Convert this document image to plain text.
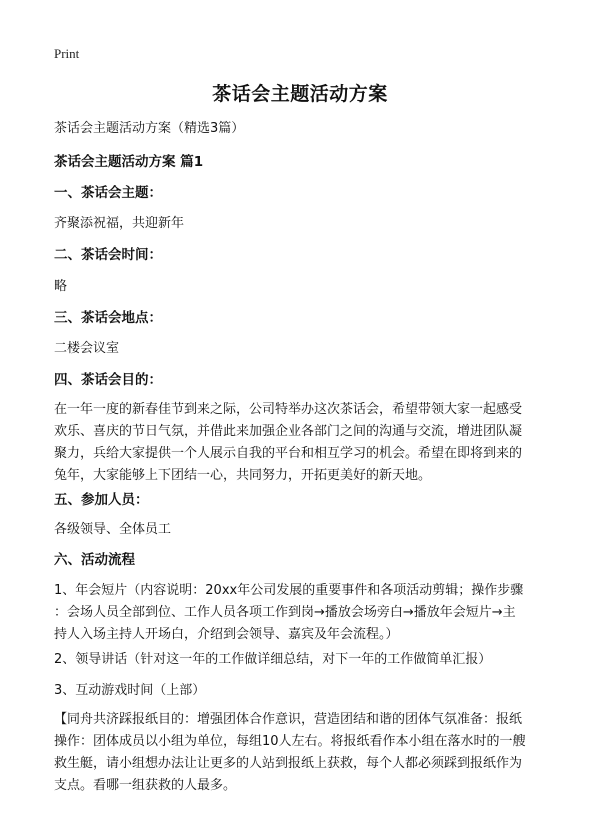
Print
茶话会主题活动方案
茶话会主题活动方案（精选3篇）
茶话会主题活动方案 篇1
一、茶话会主题：
齐聚添祝福，共迎新年
二、茶话会时间：
略
三、茶话会地点：
二楼会议室
四、茶话会目的：
在一年一度的新春佳节到来之际，公司特举办这次茶话会，希望带领大家一起感受
欢乐、喜庆的节日气氛，并借此来加强企业各部门之间的沟通与交流，增进团队凝
聚力，兵给大家提供一个人展示自我的平台和相互学习的机会。希望在即将到来的
兔年，大家能够上下团结一心，共同努力，开拓更美好的新天地。
五、参加人员：
各级领导、全体员工
六、活动流程
1、年会短片（内容说明：20xx年公司发展的重要事件和各项活动剪辑；操作步骤
：会场人员全部到位、工作人员各项工作到岗→播放会场旁白→播放年会短片→主
持人入场主持人开场白，介绍到会领导、嘉宾及年会流程。）
2、领导讲话（针对这一年的工作做详细总结，对下一年的工作做简单汇报）
3、互动游戏时间（上部）
【同舟共济踩报纸目的：增强团体合作意识，营造团结和谐的团体气氛准备：报纸
操作：团体成员以小组为单位，每组10人左右。将报纸看作本小组在落水时的一艘
救生艇，请小组想办法让让更多的人站到报纸上获救，每个人都必须踩到报纸作为
支点。看哪一组获救的人最多。
